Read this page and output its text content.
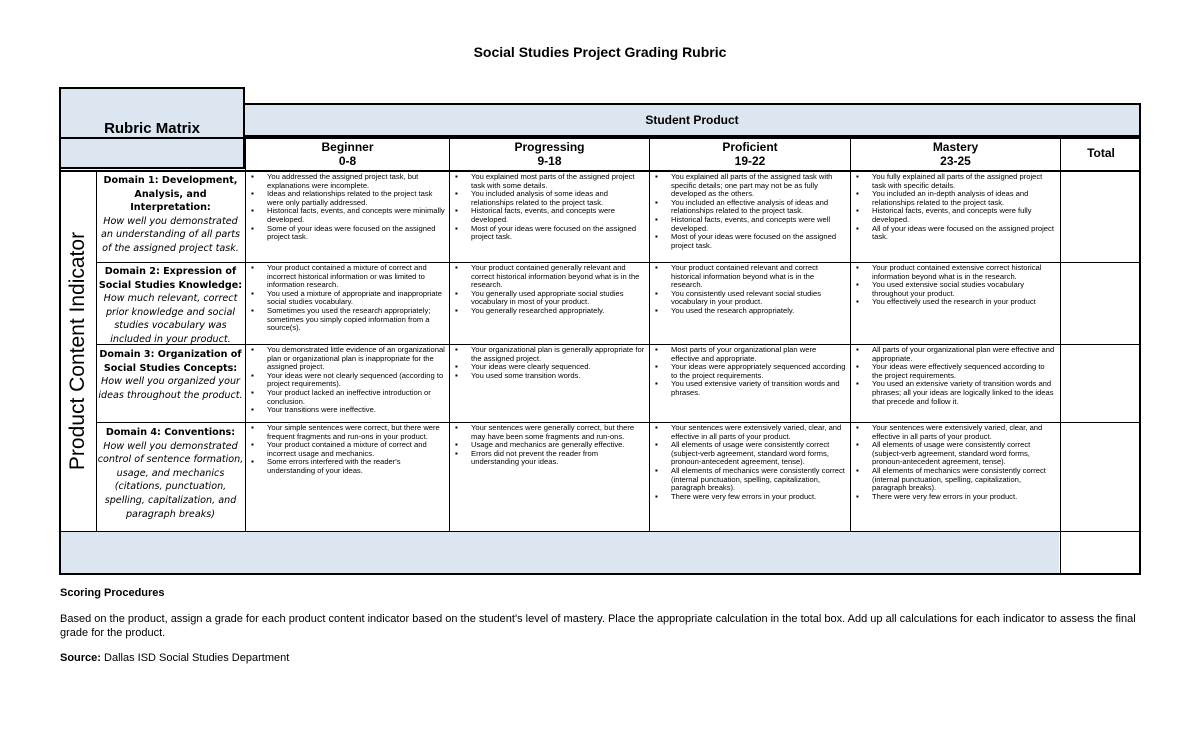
Social Studies Project Grading Rubric
Rubric Matrix	Student Product
Beginner
0-8
Progressing
9-18
Proficient
19-22
Mastery
23-25
Total
Product Content Indicator
Domain 1: Development, Analysis, and Interpretation:
How well you demonstrated an understanding of all parts of the assigned project task.
Domain 2: Expression of Social Studies Knowledge:
How much relevant, correct prior knowledge and social studies vocabulary was included in your product.
Domain 3: Organization of Social Studies Concepts:
How well you organized your ideas throughout the product.
Domain 4: Conventions:
How well you demonstrated control of sentence formation, usage, and mechanics (citations, punctuation, spelling, capitalization, and paragraph breaks)
▪ You addressed the assigned project task, but explanations were incomplete.
▪ Ideas and relationships related to the project task were only partially addressed.
▪ Historical facts, events, and concepts were minimally developed.
▪ Some of your ideas were focused on the assigned project task.
▪ You explained most parts of the assigned project task with some details.
▪ You included analysis of some ideas and relationships related to the project task.
▪ Historical facts, events, and concepts were developed.
▪ Most of your ideas were focused on the assigned project task.
▪ You explained all parts of the assigned task with specific details; one part may not be as fully developed as the others.
▪ You included an effective analysis of ideas and relationships related to the project task.
▪ Historical facts, events, and concepts were well developed.
▪ Most of your ideas were focused on the assigned project task.
▪ You fully explained all parts of the assigned project task with specific details.
▪ You included an in-depth analysis of ideas and relationships related to the project task.
▪ Historical facts, events, and concepts were fully developed.
▪ All of your ideas were focused on the assigned project task.
▪ Your product contained a mixture of correct and incorrect historical information or was limited to information research.
▪ You used a mixture of appropriate and inappropriate social studies vocabulary.
▪ Sometimes you used the research appropriately; sometimes you simply copied information from a source(s).
▪ Your product contained generally relevant and correct historical information beyond what is in the research.
▪ You generally used appropriate social studies vocabulary in most of your product.
▪ You generally researched appropriately.
▪ Your product contained relevant and correct historical information beyond what is in the research.
▪ You consistently used relevant social studies vocabulary in your product.
▪ You used the research appropriately.
▪ Your product contained extensive correct historical information beyond what is in the research.
▪ You used extensive social studies vocabulary throughout your product.
▪ You effectively used the research in your product
▪ You demonstrated little evidence of an organizational plan or organizational plan is inappropriate for the assigned project.
▪ Your ideas were not clearly sequenced (according to project requirements).
▪ Your product lacked an ineffective introduction or conclusion.
▪ Your transitions were ineffective.
▪ Your organizational plan is generally appropriate for the assigned project.
▪ Your ideas were clearly sequenced.
▪ You used some transition words.
▪ Most parts of your organizational plan were effective and appropriate.
▪ Your ideas were appropriately sequenced according to the project requirements.
▪ You used extensive variety of transition words and phrases.
▪ All parts of your organizational plan were effective and appropriate.
▪ Your ideas were effectively sequenced according to the project requirements.
▪ You used an extensive variety of transition words and phrases; all your ideas are logically linked to the ideas that precede and follow it.
▪ Your simple sentences were correct, but there were frequent fragments and run-ons in your product.
▪ Your product contained a mixture of correct and incorrect usage and mechanics.
▪ Some errors interfered with the reader's understanding of your ideas.
▪ Your sentences were generally correct, but there may have been some fragments and run-ons.
▪ Usage and mechanics are generally effective.
▪ Errors did not prevent the reader from understanding your ideas.
▪ Your sentences were extensively varied, clear, and effective in all parts of your product.
▪ All elements of usage were consistently correct (subject-verb agreement, standard word forms, pronoun-antecedent agreement, tense).
▪ All elements of mechanics were consistently correct (internal punctuation, spelling, capitalization, paragraph breaks).
▪ There were very few errors in your product.
▪ Your sentences were extensively varied, clear, and effective in all parts of your product.
▪ All elements of usage were consistently correct (subject-verb agreement, standard word forms, pronoun-antecedent agreement, tense).
▪ All elements of mechanics were consistently correct (internal punctuation, spelling, capitalization, paragraph breaks).
▪ There were very few errors in your product.
Scoring Procedures
Based on the product, assign a grade for each product content indicator based on the student's level of mastery. Place the appropriate calculation in the total box. Add up all calculations for each indicator to assess the final grade for the product.
Source: Dallas ISD Social Studies Department
